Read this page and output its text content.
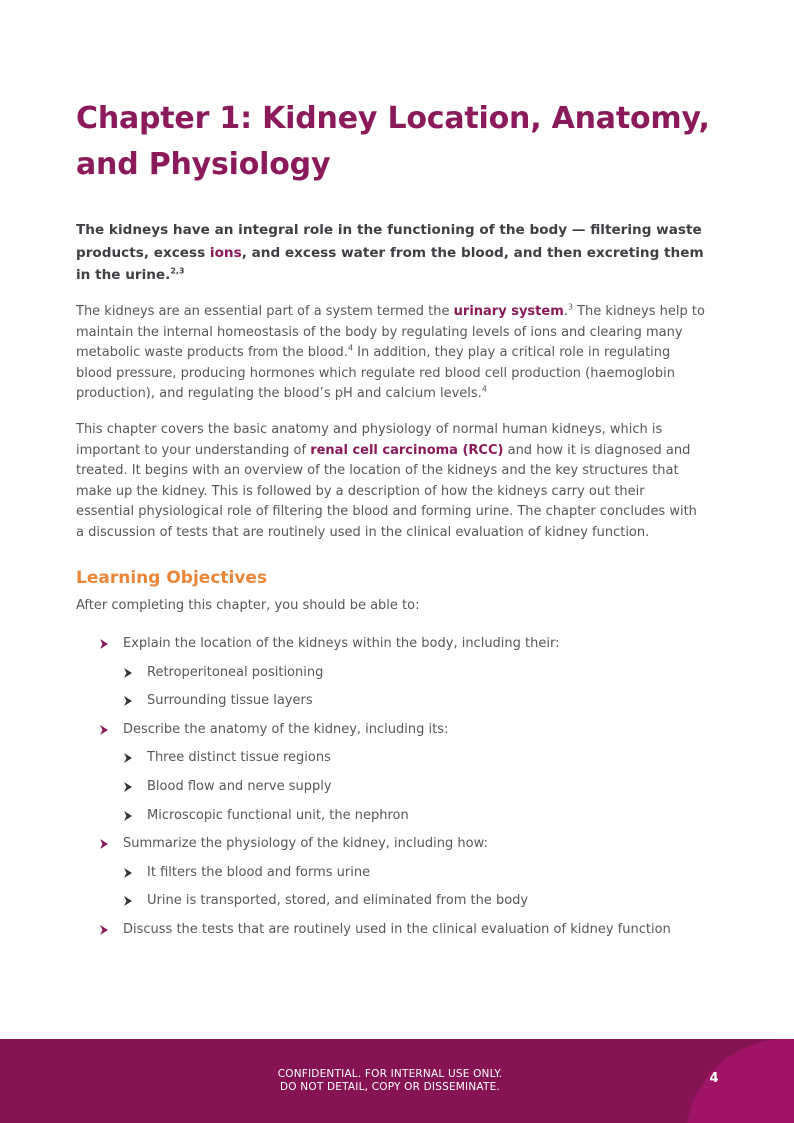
Chapter 1: Kidney Location, Anatomy, and Physiology

The kidneys have an integral role in the functioning of the body — filtering waste products, excess ions, and excess water from the blood, and then excreting them in the urine.$^{2,3}$

The kidneys are an essential part of a system termed the urinary system.$^3$ The kidneys help to maintain the internal homeostasis of the body by regulating levels of ions and clearing many metabolic waste products from the blood.$^4$ In addition, they play a critical role in regulating blood pressure, producing hormones which regulate red blood cell production (haemoglobin production), and regulating the blood’s pH and calcium levels.$^4$

This chapter covers the basic anatomy and physiology of normal human kidneys, which is important to your understanding of renal cell carcinoma (RCC) and how it is diagnosed and treated. It begins with an overview of the location of the kidneys and the key structures that make up the kidney. This is followed by a description of how the kidneys carry out their essential physiological role of filtering the blood and forming urine. The chapter concludes with a discussion of tests that are routinely used in the clinical evaluation of kidney function.

Learning Objectives

After completing this chapter, you should be able to:

Explain the location of the kidneys within the body, including their:
Retroperitoneal positioning
Surrounding tissue layers
Describe the anatomy of the kidney, including its:
Three distinct tissue regions
Blood flow and nerve supply
Microscopic functional unit, the nephron
Summarize the physiology of the kidney, including how:
It filters the blood and forms urine
Urine is transported, stored, and eliminated from the body
Discuss the tests that are routinely used in the clinical evaluation of kidney function
CONFIDENTIAL. FOR INTERNAL USE ONLY.
DO NOT DETAIL, COPY OR DISSEMINATE.
4
